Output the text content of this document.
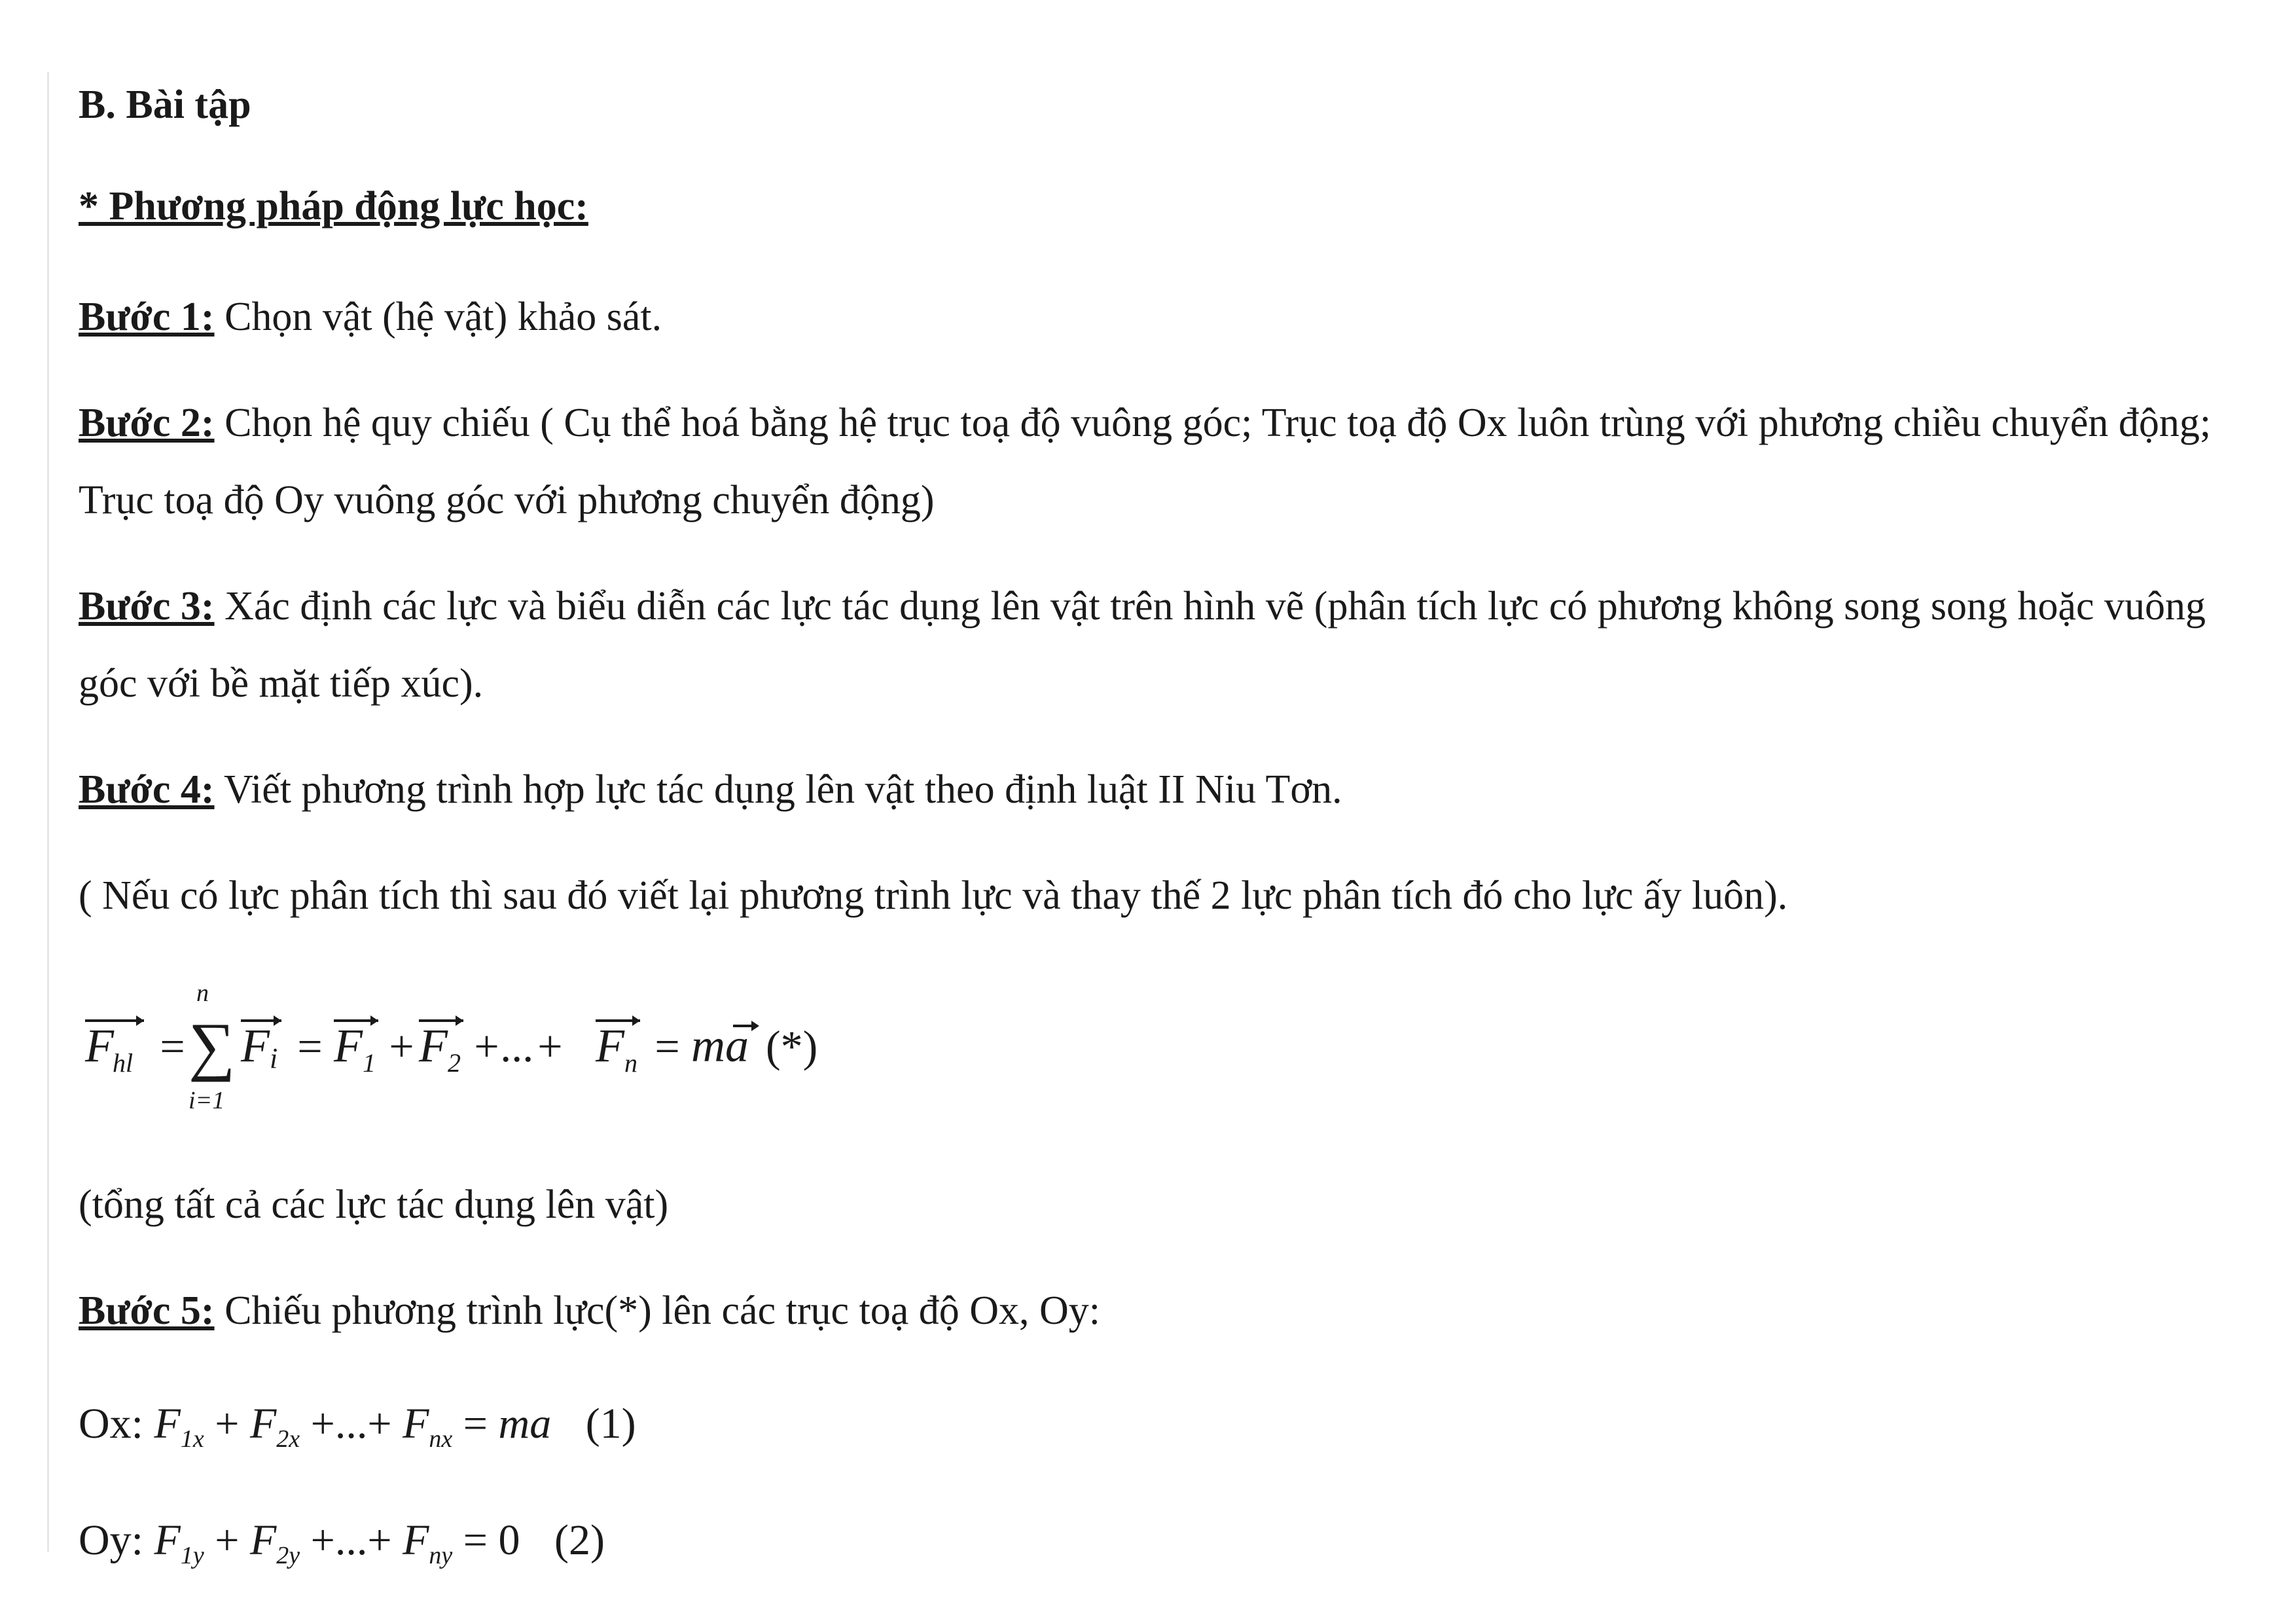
B. Bài tập

* Phương pháp động lực học:

Bước 1: Chọn vật (hệ vật) khảo sát.

Bước 2: Chọn hệ quy chiếu ( Cụ thể hoá bằng hệ trục toạ độ vuông góc; Trục toạ độ Ox luôn trùng với phương chiều chuyển động; Trục toạ độ Oy vuông góc với phương chuyển động)

Bước 3: Xác định các lực và biểu diễn các lực tác dụng lên vật trên hình vẽ (phân tích lực có phương không song song hoặc vuông góc với bề mặt tiếp xúc).

Bước 4: Viết phương trình hợp lực tác dụng lên vật theo định luật II Niu Tơn.

( Nếu có lực phân tích thì sau đó viết lại phương trình lực và thay thế 2 lực phân tích đó cho lực ấy luôn).

F
hl =
n
∑
i=1
F i = F 1 + F 2 +...+ F n = ma (*)

(tổng tất cả các lực tác dụng lên vật)

Bước 5: Chiếu phương trình lực(*) lên các trục toạ độ Ox, Oy:

Ox: $F_{1x} + F_{2x}$ +...+ $F_{nx}$ = ma (1)

Oy: $F_{1y} + F_{2y}$ +...+ $F_{ny} = 0$ (2)
